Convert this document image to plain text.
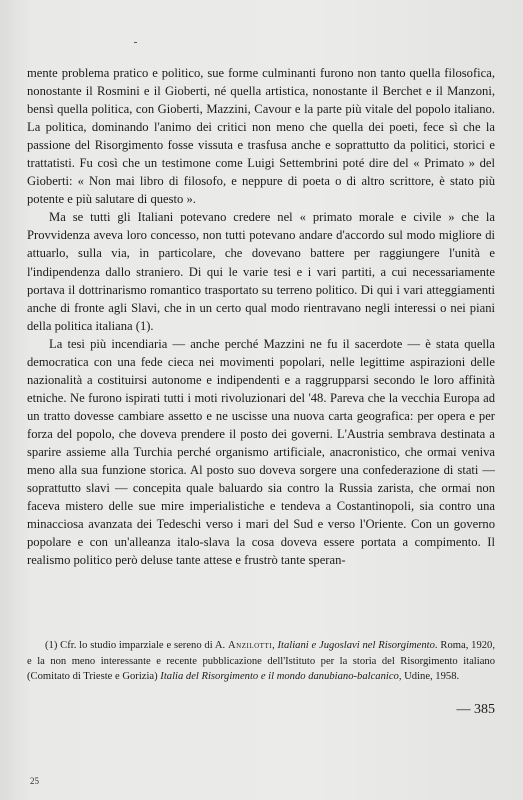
mente problema pratico e politico, sue forme culminanti furono non tanto quella filosofica, nonostante il Rosmini e il Gioberti, né quella artistica, nonostante il Berchet e il Manzoni, bensì quella politica, con Gioberti, Mazzini, Cavour e la parte più vitale del popolo italiano. La politica, dominando l'animo dei critici non meno che quella dei poeti, fece sì che la passione del Risorgimento fosse vissuta e trasfusa anche e soprattutto da politici, storici e trattatisti. Fu così che un testimone come Luigi Settembrini poté dire del « Primato » del Gioberti: « Non mai libro di filosofo, e neppure di poeta o di altro scrittore, è stato più potente e più salutare di questo ».

Ma se tutti gli Italiani potevano credere nel « primato morale e civile » che la Provvidenza aveva loro concesso, non tutti potevano andare d'accordo sul modo migliore di attuarlo, sulla via, in particolare, che dovevano battere per raggiungere l'unità e l'indipendenza dallo straniero. Di qui le varie tesi e i vari partiti, a cui necessariamente portava il dottrinarismo romantico trasportato su terreno politico. Di qui i vari atteggiamenti anche di fronte agli Slavi, che in un certo qual modo rientravano negli interessi o nei piani della politica italiana (1).

La tesi più incendiaria — anche perché Mazzini ne fu il sacerdote — è stata quella democratica con una fede cieca nei movimenti popolari, nelle legittime aspirazioni delle nazionalità a costituirsi autonome e indipendenti e a raggrupparsi secondo le loro affinità etniche. Ne furono ispirati tutti i moti rivoluzionari del '48. Pareva che la vecchia Europa ad un tratto dovesse cambiare assetto e ne uscisse una nuova carta geografica: per opera e per forza del popolo, che doveva prendere il posto dei governi. L'Austria sembrava destinata a sparire assieme alla Turchia perché organismo artificiale, anacronistico, che ormai veniva meno alla sua funzione storica. Al posto suo doveva sorgere una confederazione di stati —soprattutto slavi — concepita quale baluardo sia contro la Russia zarista, che ormai non faceva mistero delle sue mire imperialistiche e tendeva a Costantinopoli, sia contro una minacciosa avanzata dei Tedeschi verso i mari del Sud e verso l'Oriente. Con un governo popolare e con un'alleanza italo-slava la cosa doveva essere portata a compimento. Il realismo politico però deluse tante attese e frustrò tante speran-

(1) Cfr. lo studio imparziale e sereno di A. Anzilotti, Italiani e Jugoslavi nel Risorgimento. Roma, 1920, e la non meno interessante e recente pubblicazione dell'Istituto per la storia del Risorgimento italiano (Comitato di Trieste e Gorizia) Italia del Risorgimento e il mondo danubiano-balcanico, Udine, 1958.

— 385
25
